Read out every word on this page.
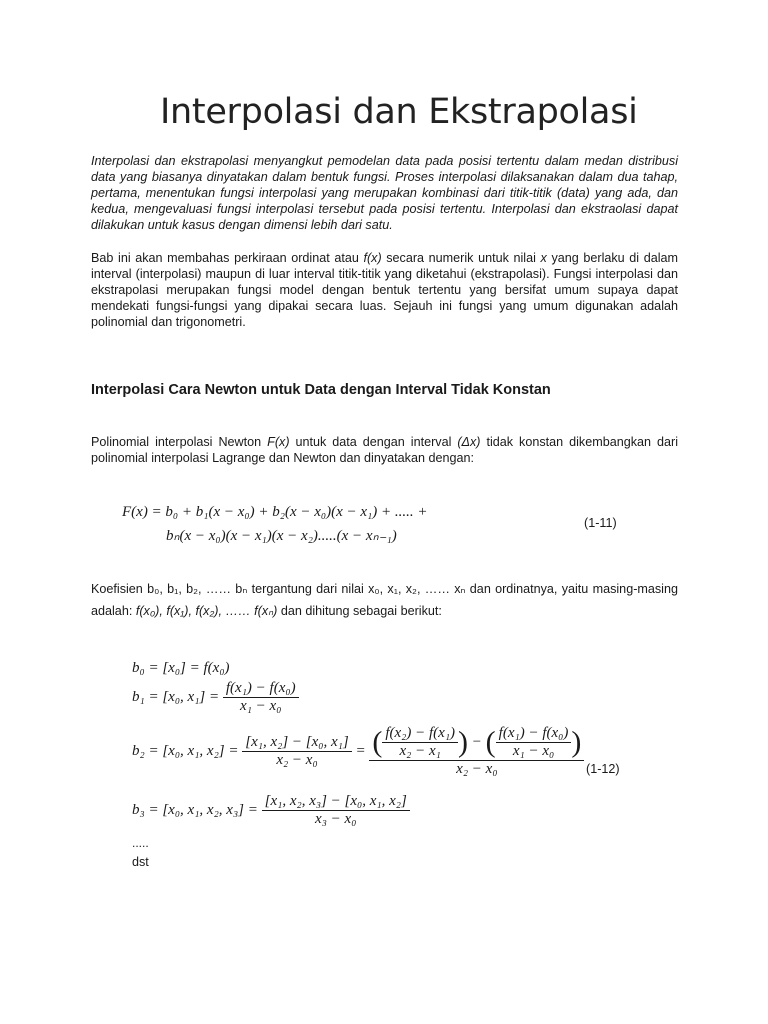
Interpolasi dan Ekstrapolasi

Interpolasi dan ekstrapolasi menyangkut pemodelan data pada posisi tertentu dalam medan distribusi data yang biasanya dinyatakan dalam bentuk fungsi. Proses interpolasi dilaksanakan dalam dua tahap, pertama, menentukan fungsi interpolasi yang merupakan kombinasi dari titik-titik (data) yang ada, dan kedua, mengevaluasi fungsi interpolasi tersebut pada posisi tertentu. Interpolasi dan ekstraolasi dapat dilakukan untuk kasus dengan dimensi lebih dari satu.

Bab ini akan membahas perkiraan ordinat atau f(x) secara numerik untuk nilai x yang berlaku di dalam interval (interpolasi) maupun di luar interval titik-titik yang diketahui (ekstrapolasi). Fungsi interpolasi dan ekstrapolasi merupakan fungsi model dengan bentuk tertentu yang bersifat umum supaya dapat mendekati fungsi-fungsi yang dipakai secara luas. Sejauh ini fungsi yang umum digunakan adalah polinomial dan trigonometri.

Interpolasi Cara Newton untuk Data dengan Interval Tidak Konstan

Polinomial interpolasi Newton F(x) untuk data dengan interval (Δx) tidak konstan dikembangkan dari polinomial interpolasi Lagrange dan Newton dan dinyatakan dengan:

F(x) = b₀ + b₁(x − x₀) + b₂(x − x₀)(x − x₁) + ..... +
bₙ(x − x₀)(x − x₁)(x − x₂).....(x − xₙ₋₁)
(1-11)

Koefisien b₀, b₁, b₂, …… bₙ tergantung dari nilai x₀, x₁, x₂, …… xₙ dan ordinatnya, yaitu masing-masing adalah: f(x₀), f(x₁), f(x₂), …… f(xₙ) dan dihitung sebagai berikut:

b₀ = [x₀] = f(x₀)
b₁ = [x₀, $x_1] = \frac{\text{f(x₁) − f(x₀)}}{\text{x₁ − x₀}}$
b₂ = [x₀, x₁, $x_2] = \frac{\text{[x₁, x₂] − [x₀, x₁]}}{\text{x₂ − x₀}}$ = ( $\frac{\text{f(x₂) − f(x₁)}}{\text{x₂ − x₁}}$ ) − ( $\frac{\text{f(x₁) − f(x₀)}}{\text{x₁ − x₀}}$ )
x₂ − x₀	(1-12)
b₃ = [x₀, x₁, x₂, $x_3] = \frac{\text{[x₁, x₂, x₃] − [x₀, x₁, x₂]}}{\text{x₃ − x₀}}$
.....
dst
